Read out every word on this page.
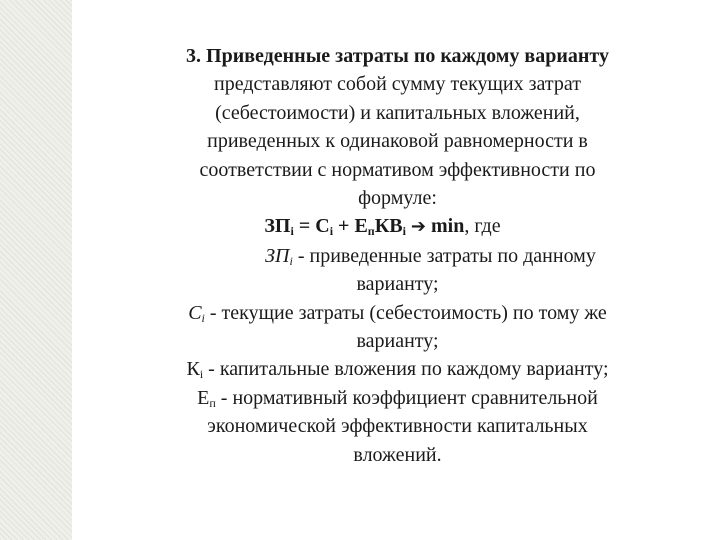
3. Приведенные затраты по каждому варианту
представляют собой сумму текущих затрат
(себестоимости) и капитальных вложений,
приведенных к одинаковой равномерности в
соответствии с нормативом эффективности по
формуле:
$ЗП_i = C_i + Е_пКВ_i$ ➔ min, где
$ЗП_i$ - приведенные затраты по данному
варианту;
$C_i$ - текущие затраты (себестоимость) по тому же
варианту;
$К_i$ - капитальные вложения по каждому варианту;
$Е_п$ - нормативный коэффициент сравнительной
экономической эффективности капитальных
вложений.
